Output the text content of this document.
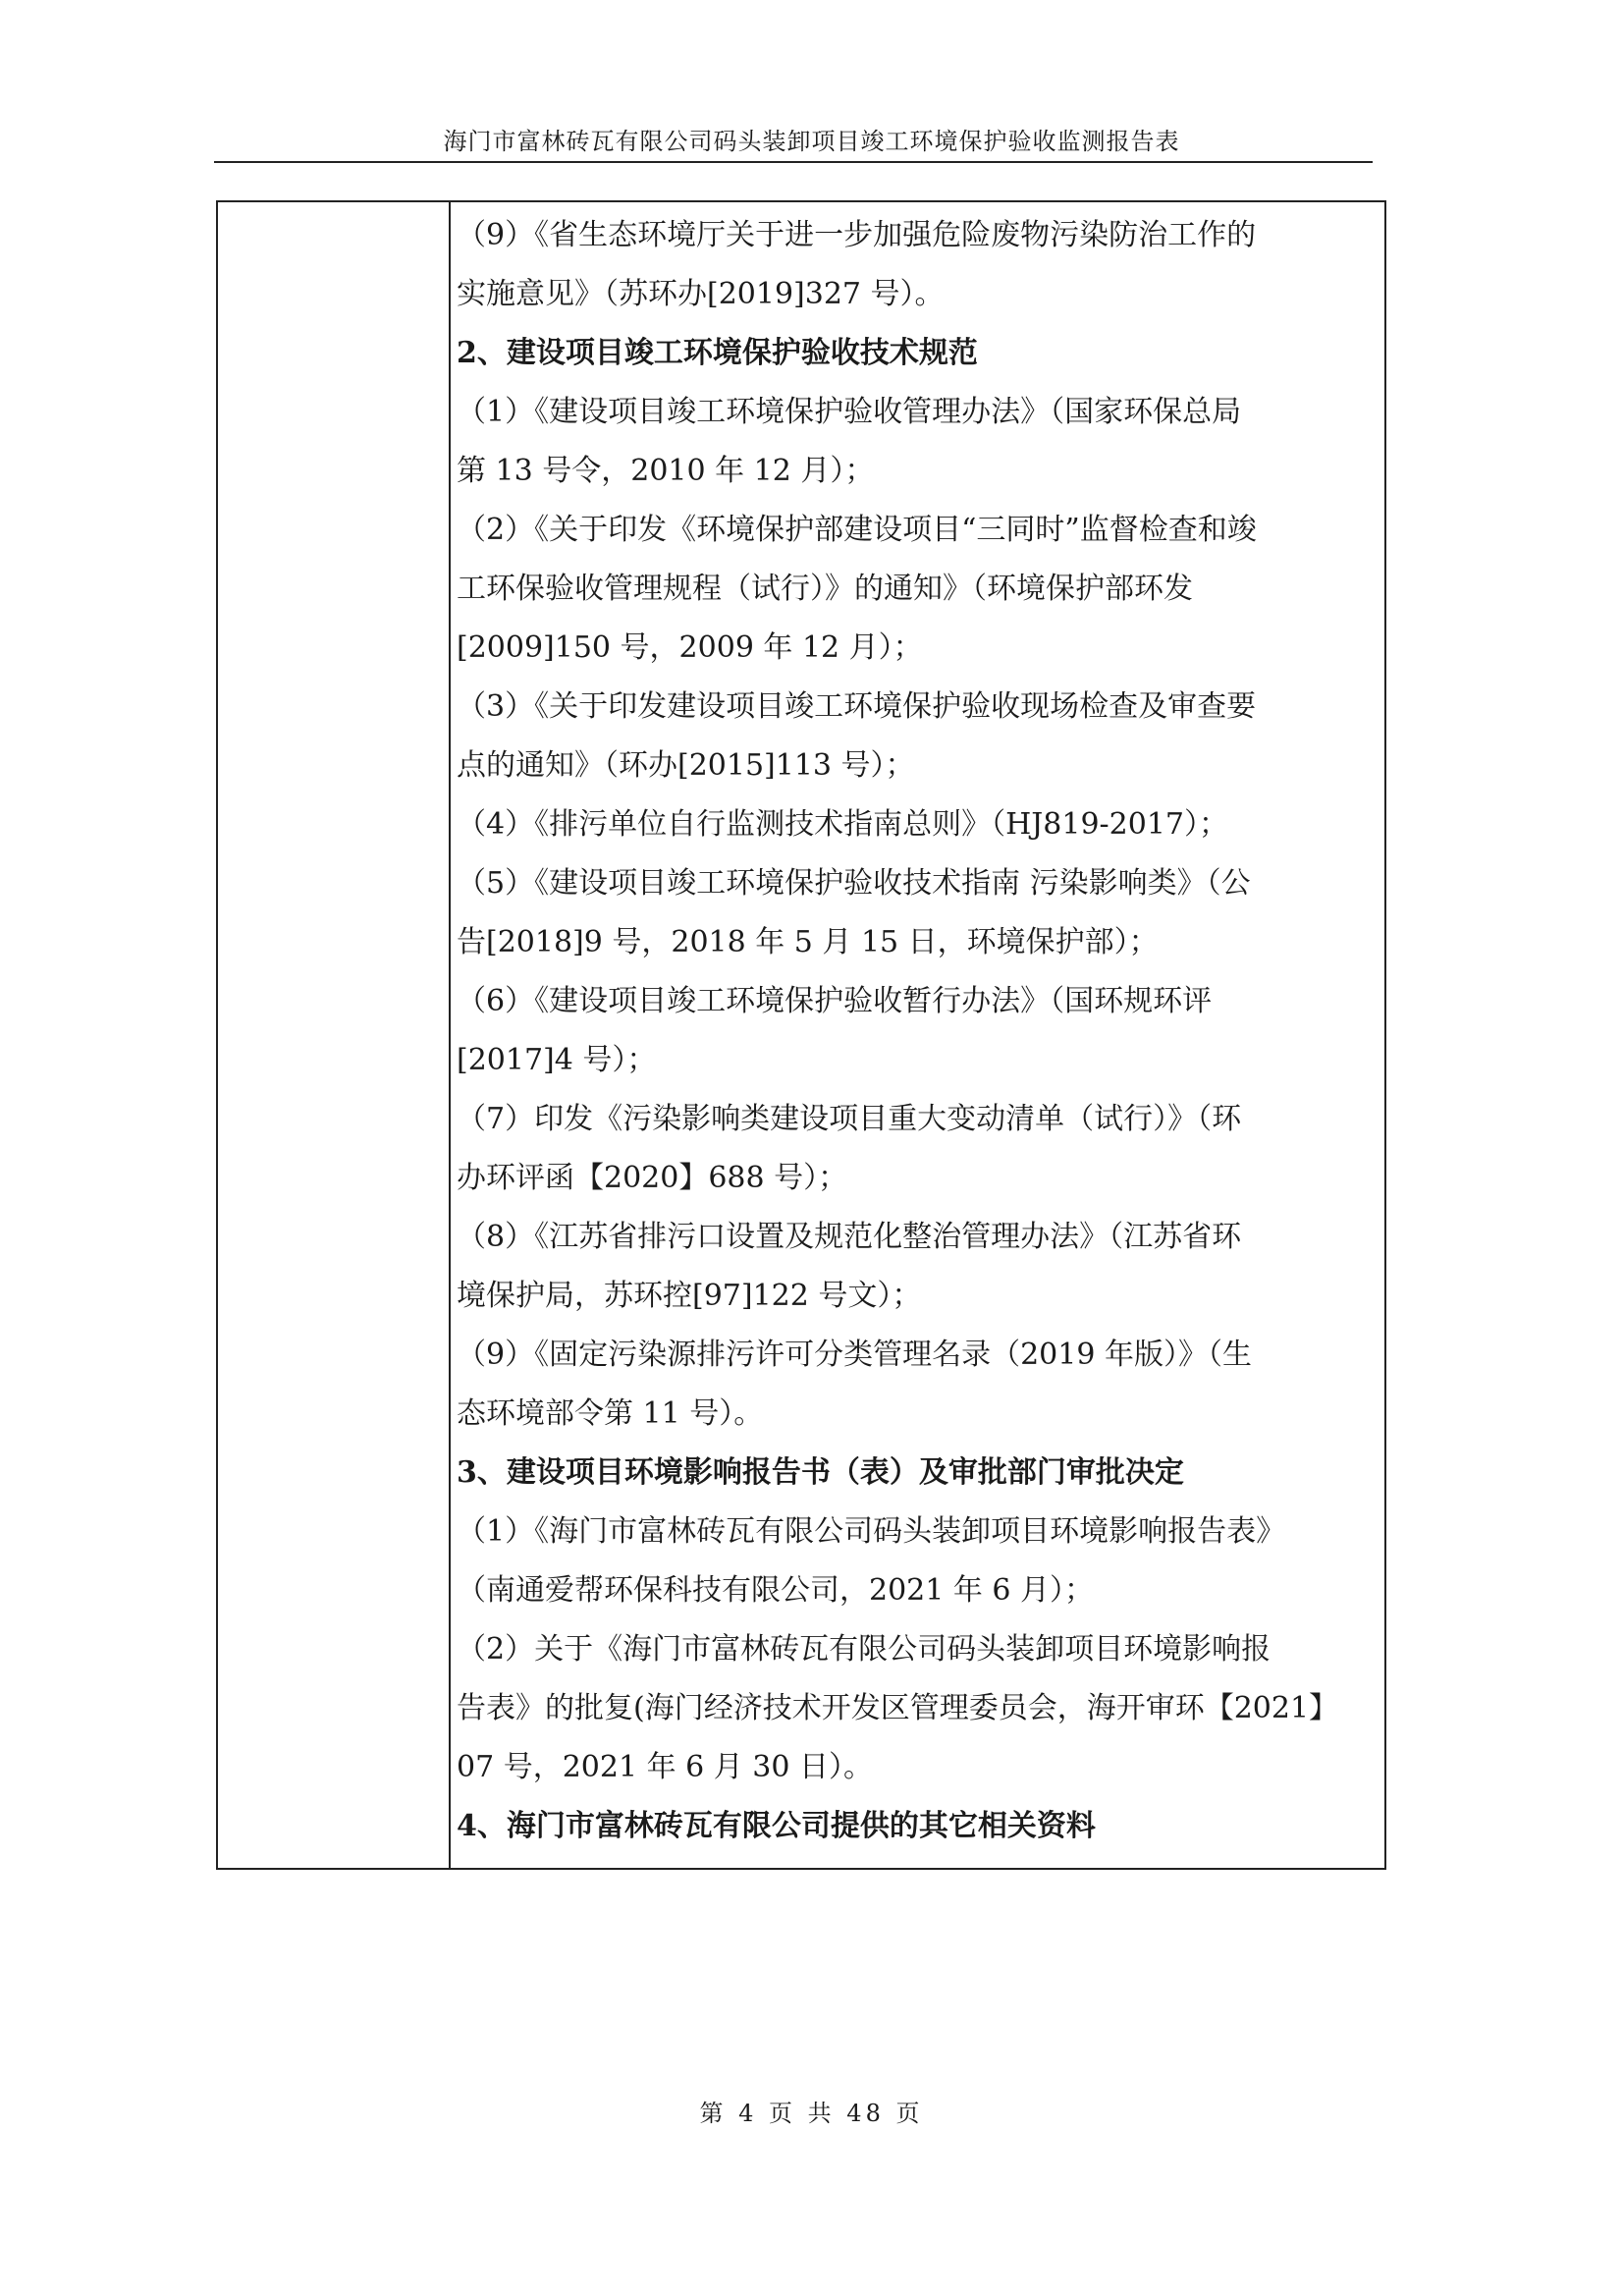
海门市富林砖瓦有限公司码头装卸项目竣工环境保护验收监测报告表
（9）《省生态环境厅关于进一步加强危险废物污染防治工作的
实施意见》（苏环办[2019]327 号）。
2、建设项目竣工环境保护验收技术规范
（1）《建设项目竣工环境保护验收管理办法》（国家环保总局
第 13 号令，2010 年 12 月）；
（2）《关于印发《环境保护部建设项目“三同时”监督检查和竣
工环保验收管理规程（试行）》的通知》（环境保护部环发
[2009]150 号，2009 年 12 月）；
（3）《关于印发建设项目竣工环境保护验收现场检查及审查要
点的通知》（环办[2015]113 号）；
（4）《排污单位自行监测技术指南总则》（HJ819-2017）；
（5）《建设项目竣工环境保护验收技术指南 污染影响类》（公
告[2018]9 号，2018 年 5 月 15 日，环境保护部）；
（6）《建设项目竣工环境保护验收暂行办法》（国环规环评
[2017]4 号）；
（7）印发《污染影响类建设项目重大变动清单（试行）》（环
办环评函【2020】688 号）；
（8）《江苏省排污口设置及规范化整治管理办法》（江苏省环
境保护局，苏环控[97]122 号文）；
（9）《固定污染源排污许可分类管理名录（2019 年版）》（生
态环境部令第 11 号）。
3、建设项目环境影响报告书（表）及审批部门审批决定
（1）《海门市富林砖瓦有限公司码头装卸项目环境影响报告表》
（南通爱帮环保科技有限公司，2021 年 6 月）；
（2）关于《海门市富林砖瓦有限公司码头装卸项目环境影响报
告表》的批复(海门经济技术开发区管理委员会，海开审环【2021】
07 号，2021 年 6 月 30 日）。
4、海门市富林砖瓦有限公司提供的其它相关资料
第 4 页 共 48 页
